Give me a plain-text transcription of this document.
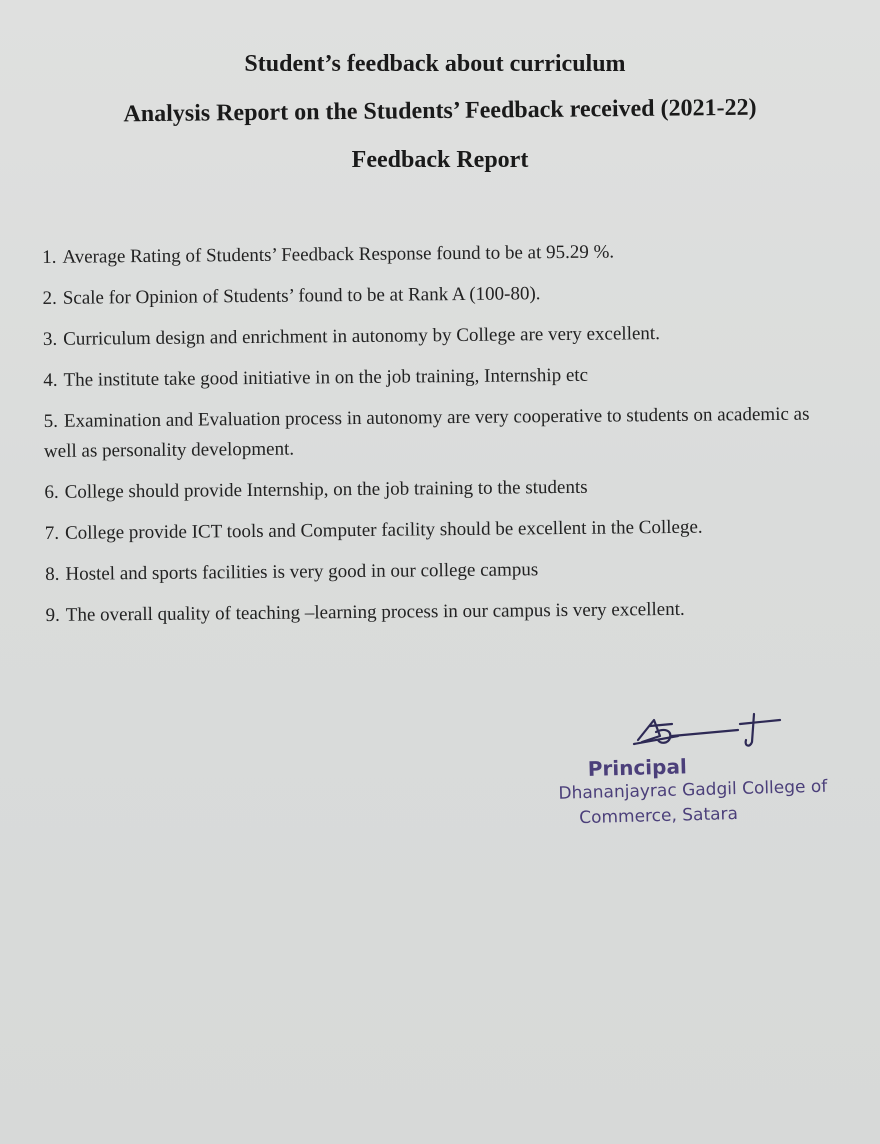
Student’s feedback about curriculum
Analysis Report on the Students’ Feedback received (2021-22)
Feedback Report
1. Average Rating of Students’ Feedback Response found to be at 95.29 %.
2. Scale for Opinion of Students’ found to be at Rank A (100-80).
3. Curriculum design and enrichment in autonomy by College are very excellent.
4. The institute take good initiative in on the job training, Internship etc
5. Examination and Evaluation process in autonomy are very cooperative to students on academic as well as personality development.
6. College should provide Internship, on the job training to the students
7. College provide ICT tools and Computer facility should be excellent in the College.
8. Hostel and sports facilities is very good in our college campus
9. The overall quality of teaching –learning process in our campus is very excellent.
Principal
Dhananjayrac Gadgil College of
Commerce, Satara
